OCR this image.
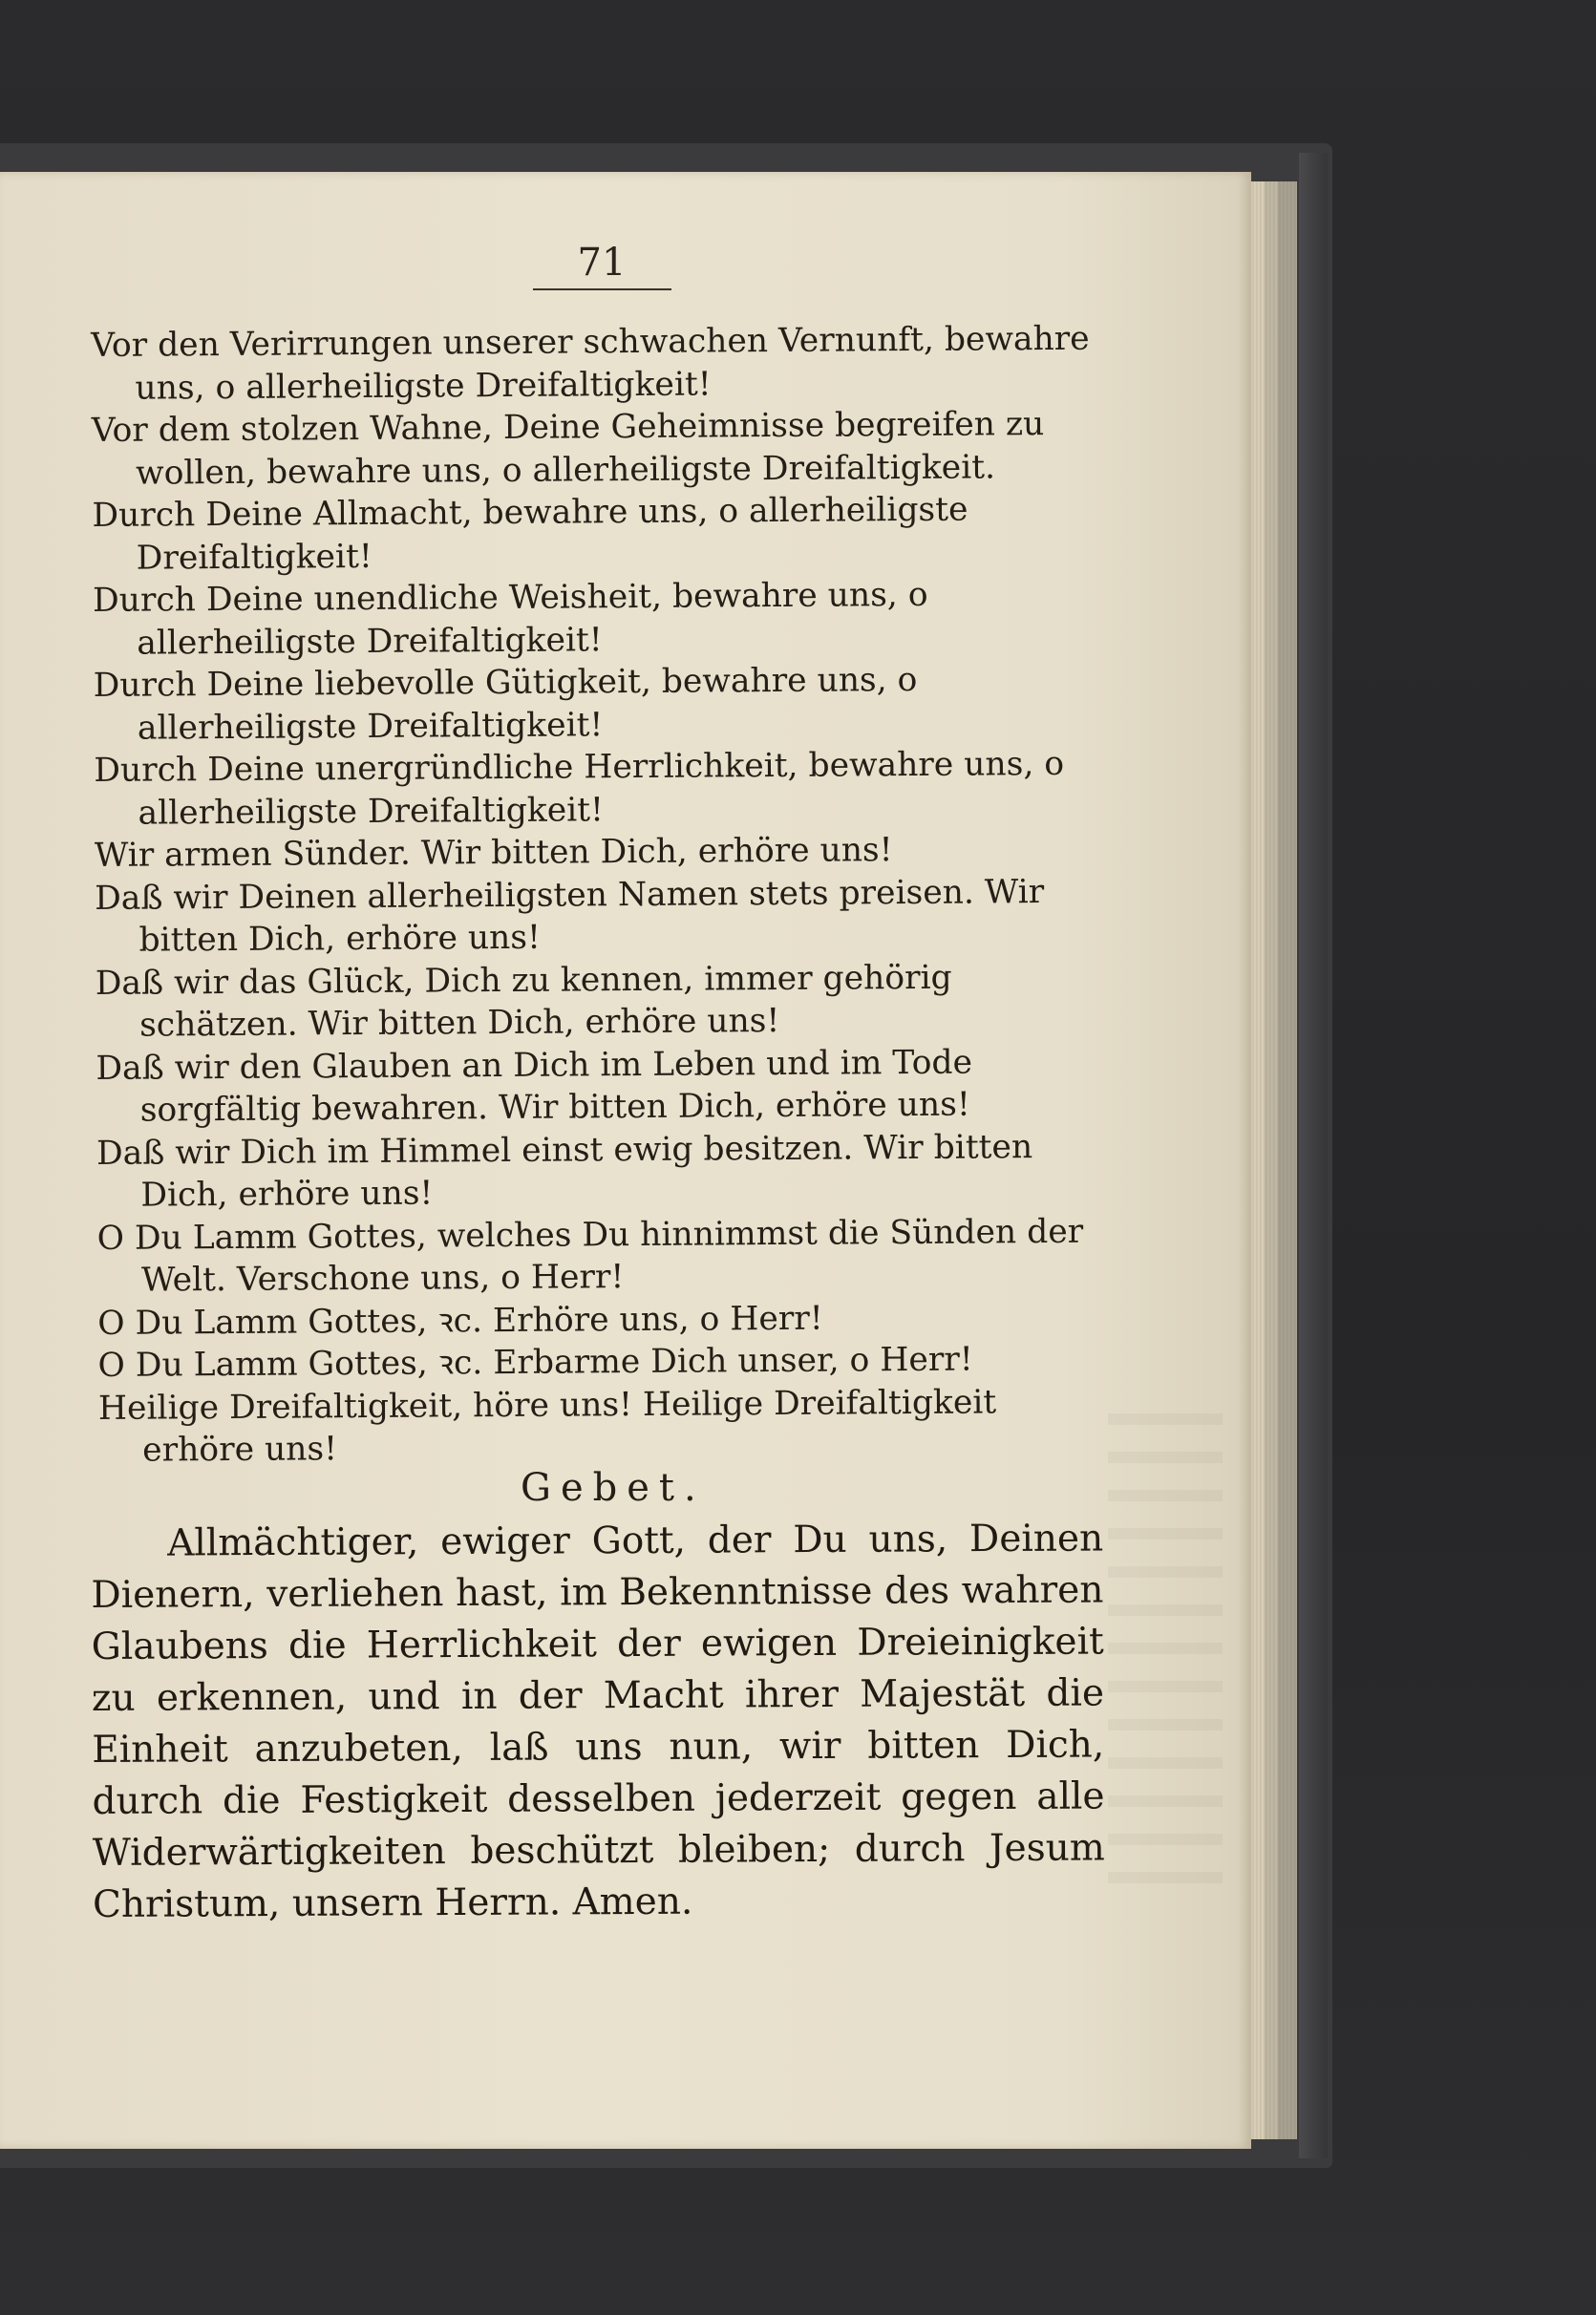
71

Vor den Verirrungen unserer schwachen Vernunft, bewahre uns, o allerheiligste Dreifaltigkeit!

Vor dem stolzen Wahne, Deine Geheimnisse begreifen zu wollen, bewahre uns, o allerheiligste Dreifaltigkeit.

Durch Deine Allmacht, bewahre uns, o allerheiligste Dreifaltigkeit!

Durch Deine unendliche Weisheit, bewahre uns, o allerheiligste Dreifaltigkeit!

Durch Deine liebevolle Gütigkeit, bewahre uns, o allerheiligste Dreifaltigkeit!

Durch Deine unergründliche Herrlichkeit, bewahre uns, o allerheiligste Dreifaltigkeit!

Wir armen Sünder. Wir bitten Dich, erhöre uns!

Daß wir Deinen allerheiligsten Namen stets preisen. Wir bitten Dich, erhöre uns!

Daß wir das Glück, Dich zu kennen, immer gehörig schätzen. Wir bitten Dich, erhöre uns!

Daß wir den Glauben an Dich im Leben und im Tode sorgfältig bewahren. Wir bitten Dich, erhöre uns!

Daß wir Dich im Himmel einst ewig besitzen. Wir bitten Dich, erhöre uns!

O Du Lamm Gottes, welches Du hinnimmst die Sünden der Welt. Verschone uns, o Herr!

O Du Lamm Gottes, ꝛc. Erhöre uns, o Herr!

O Du Lamm Gottes, ꝛc. Erbarme Dich unser, o Herr!

Heilige Dreifaltigkeit, höre uns! Heilige Dreifaltigkeit erhöre uns!

Gebet.

Allmächtiger, ewiger Gott, der Du uns, Deinen Dienern, verliehen hast, im Bekenntnisse des wahren Glaubens die Herrlichkeit der ewigen Dreieinigkeit zu erkennen, und in der Macht ihrer Majestät die Einheit anzubeten, laß uns nun, wir bitten Dich, durch die Festigkeit desselben jederzeit gegen alle Widerwärtigkeiten beschützt bleiben; durch Jesum Christum, unsern Herrn. Amen.
